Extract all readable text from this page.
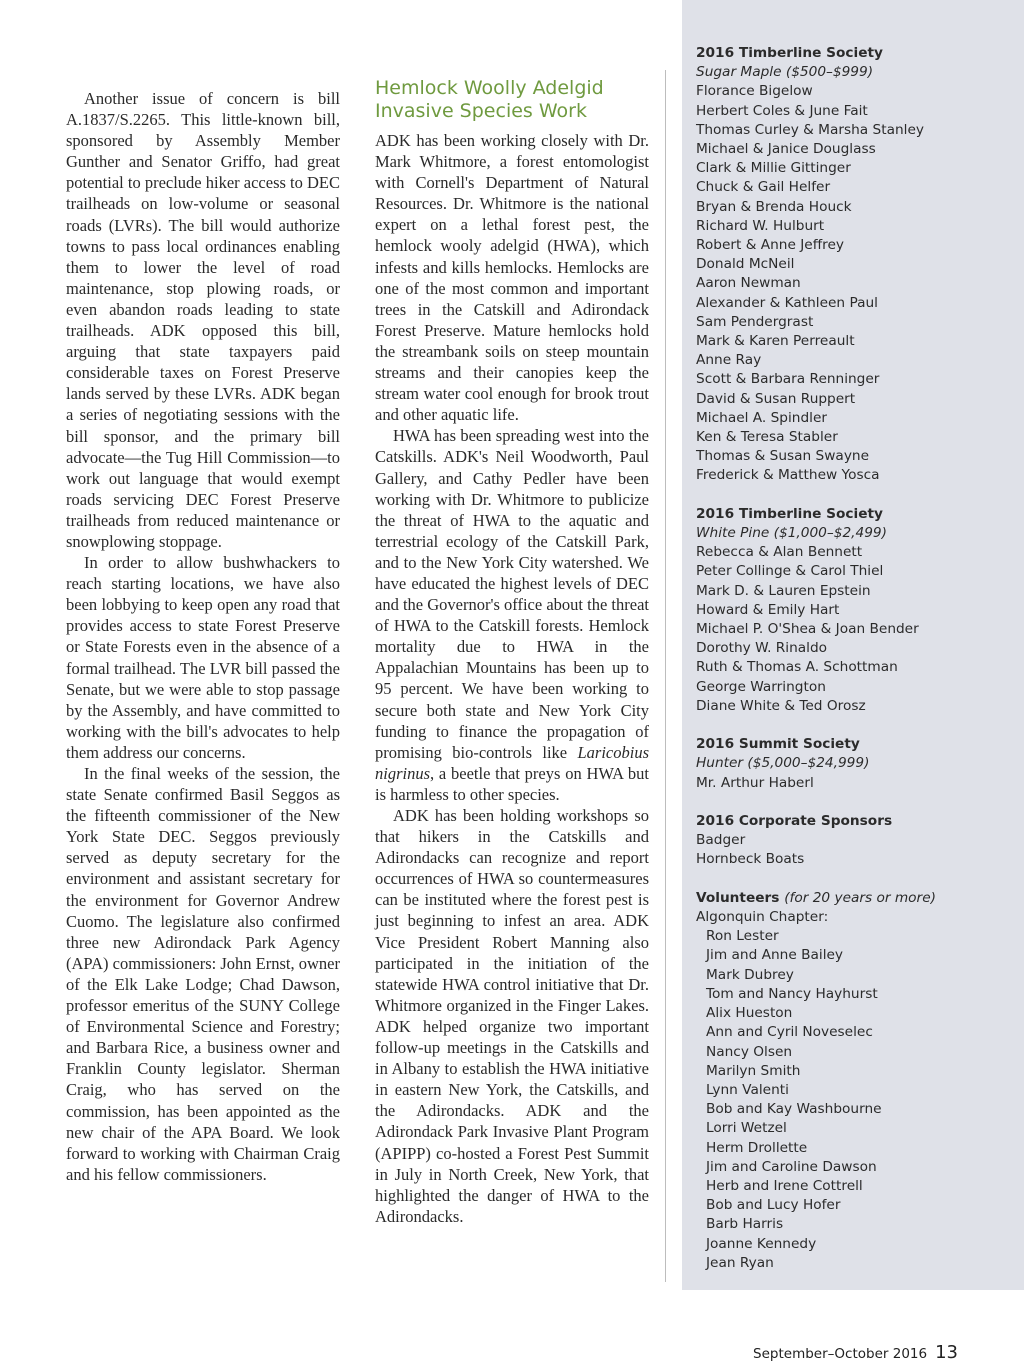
Another issue of concern is bill A.1837/S.2265. This little-known bill, sponsored by Assembly Member Gunther and Senator Griffo, had great potential to preclude hiker access to DEC trailheads on low-volume or seasonal roads (LVRs). The bill would authorize towns to pass local ordinances enabling them to lower the level of road maintenance, stop plowing roads, or even abandon roads leading to state trailheads. ADK opposed this bill, arguing that state taxpayers paid considerable taxes on Forest Preserve lands served by these LVRs. ADK began a series of negotiating sessions with the bill sponsor, and the primary bill advocate—the Tug Hill Commission—to work out language that would exempt roads servicing DEC Forest Preserve trailheads from reduced maintenance or snowplowing stoppage.

In order to allow bushwhackers to reach starting locations, we have also been lobbying to keep open any road that provides access to state Forest Preserve or State Forests even in the absence of a formal trailhead. The LVR bill passed the Senate, but we were able to stop passage by the Assembly, and have committed to working with the bill's advocates to help them address our concerns.

In the final weeks of the session, the state Senate confirmed Basil Seggos as the fifteenth commissioner of the New York State DEC. Seggos previously served as deputy secretary for the environment and assistant secretary for the environment for Governor Andrew Cuomo. The legislature also confirmed three new Adirondack Park Agency (APA) commissioners: John Ernst, owner of the Elk Lake Lodge; Chad Dawson, professor emeritus of the SUNY College of Environmental Science and Forestry; and Barbara Rice, a business owner and Franklin County legislator. Sherman Craig, who has served on the commission, has been appointed as the new chair of the APA Board. We look forward to working with Chairman Craig and his fellow commissioners.

Hemlock Woolly Adelgid Invasive Species Work

ADK has been working closely with Dr. Mark Whitmore, a forest entomologist with Cornell's Department of Natural Resources. Dr. Whitmore is the national expert on a lethal forest pest, the hemlock wooly adelgid (HWA), which infests and kills hemlocks. Hemlocks are one of the most common and important trees in the Catskill and Adirondack Forest Preserve. Mature hemlocks hold the streambank soils on steep mountain streams and their canopies keep the stream water cool enough for brook trout and other aquatic life.

HWA has been spreading west into the Catskills. ADK's Neil Woodworth, Paul Gallery, and Cathy Pedler have been working with Dr. Whitmore to publicize the threat of HWA to the aquatic and terrestrial ecology of the Catskill Park, and to the New York City watershed. We have educated the highest levels of DEC and the Governor's office about the threat of HWA to the Catskill forests. Hemlock mortality due to HWA in the Appalachian Mountains has been up to 95 percent. We have been working to secure both state and New York City funding to finance the propagation of promising bio-controls like Laricobius nigrinus, a beetle that preys on HWA but is harmless to other species.

ADK has been holding workshops so that hikers in the Catskills and Adirondacks can recognize and report occurrences of HWA so countermeasures can be instituted where the forest pest is just beginning to infest an area. ADK Vice President Robert Manning also participated in the initiation of the statewide HWA control initiative that Dr. Whitmore organized in the Finger Lakes. ADK helped organize two important follow-up meetings in the Catskills and in Albany to establish the HWA initiative in eastern New York, the Catskills, and the Adirondacks. ADK and the Adirondack Park Invasive Plant Program (APIPP) co-hosted a Forest Pest Summit in July in North Creek, New York, that highlighted the danger of HWA to the Adirondacks.

2016 Timberline Society
Sugar Maple ($500–$999)
Florance Bigelow
Herbert Coles & June Fait
Thomas Curley & Marsha Stanley
Michael & Janice Douglass
Clark & Millie Gittinger
Chuck & Gail Helfer
Bryan & Brenda Houck
Richard W. Hulburt
Robert & Anne Jeffrey
Donald McNeil
Aaron Newman
Alexander & Kathleen Paul
Sam Pendergrast
Mark & Karen Perreault
Anne Ray
Scott & Barbara Renninger
David & Susan Ruppert
Michael A. Spindler
Ken & Teresa Stabler
Thomas & Susan Swayne
Frederick & Matthew Yosca
2016 Timberline Society
White Pine ($1,000–$2,499)
Rebecca & Alan Bennett
Peter Collinge & Carol Thiel
Mark D. & Lauren Epstein
Howard & Emily Hart
Michael P. O'Shea & Joan Bender
Dorothy W. Rinaldo
Ruth & Thomas A. Schottman
George Warrington
Diane White & Ted Orosz
2016 Summit Society
Hunter ($5,000–$24,999)
Mr. Arthur Haberl
2016 Corporate Sponsors
Badger
Hornbeck Boats
Volunteers (for 20 years or more)
Algonquin Chapter:
Ron Lester
Jim and Anne Bailey
Mark Dubrey
Tom and Nancy Hayhurst
Alix Hueston
Ann and Cyril Noveselec
Nancy Olsen
Marilyn Smith
Lynn Valenti
Bob and Kay Washbourne
Lorri Wetzel
Herm Drollette
Jim and Caroline Dawson
Herb and Irene Cottrell
Bob and Lucy Hofer
Barb Harris
Joanne Kennedy
Jean Ryan
September–October 2016 13
